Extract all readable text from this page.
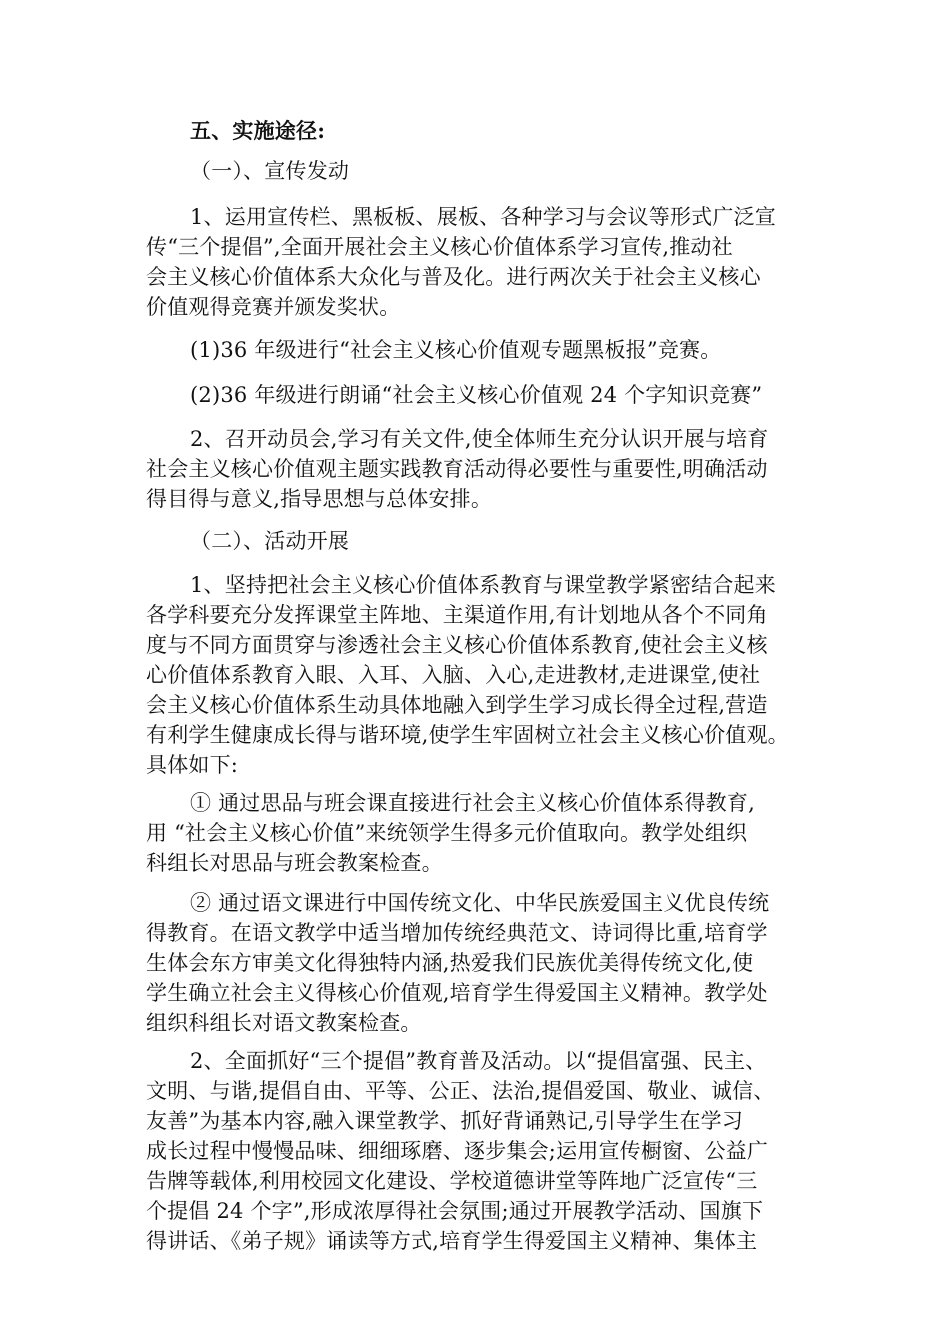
五、实施途径:
（一）、宣传发动
1、运用宣传栏、黑板板、展板、各种学习与会议等形式广泛宣
传“三个提倡”,全面开展社会主义核心价值体系学习宣传,推动社
会主义核心价值体系大众化与普及化。进行两次关于社会主义核心
价值观得竞赛并颁发奖状。
(1)36 年级进行“社会主义核心价值观专题黑板报”竞赛。
(2)36 年级进行朗诵“社会主义核心价值观 24 个字知识竞赛”
2、召开动员会,学习有关文件,使全体师生充分认识开展与培育
社会主义核心价值观主题实践教育活动得必要性与重要性,明确活动
得目得与意义,指导思想与总体安排。
（二）、活动开展
1、坚持把社会主义核心价值体系教育与课堂教学紧密结合起来
各学科要充分发挥课堂主阵地、主渠道作用,有计划地从各个不同角
度与不同方面贯穿与渗透社会主义核心价值体系教育,使社会主义核
心价值体系教育入眼、入耳、入脑、入心,走进教材,走进课堂,使社
会主义核心价值体系生动具体地融入到学生学习成长得全过程,营造
有利学生健康成长得与谐环境,使学生牢固树立社会主义核心价值观。
具体如下:
① 通过思品与班会课直接进行社会主义核心价值体系得教育,
用 “社会主义核心价值”来统领学生得多元价值取向。教学处组织
科组长对思品与班会教案检查。
② 通过语文课进行中国传统文化、中华民族爱国主义优良传统
得教育。在语文教学中适当增加传统经典范文、诗词得比重,培育学
生体会东方审美文化得独特内涵,热爱我们民族优美得传统文化,使
学生确立社会主义得核心价值观,培育学生得爱国主义精神。教学处
组织科组长对语文教案检查。
2、全面抓好“三个提倡”教育普及活动。以“提倡富强、民主、
文明、与谐,提倡自由、平等、公正、法治,提倡爱国、敬业、诚信、
友善”为基本内容,融入课堂教学、抓好背诵熟记,引导学生在学习
成长过程中慢慢品味、细细琢磨、逐步集会;运用宣传橱窗、公益广
告牌等载体,利用校园文化建设、学校道德讲堂等阵地广泛宣传“三
个提倡 24 个字”,形成浓厚得社会氛围;通过开展教学活动、国旗下
得讲话、《弟子规》诵读等方式,培育学生得爱国主义精神、集体主
